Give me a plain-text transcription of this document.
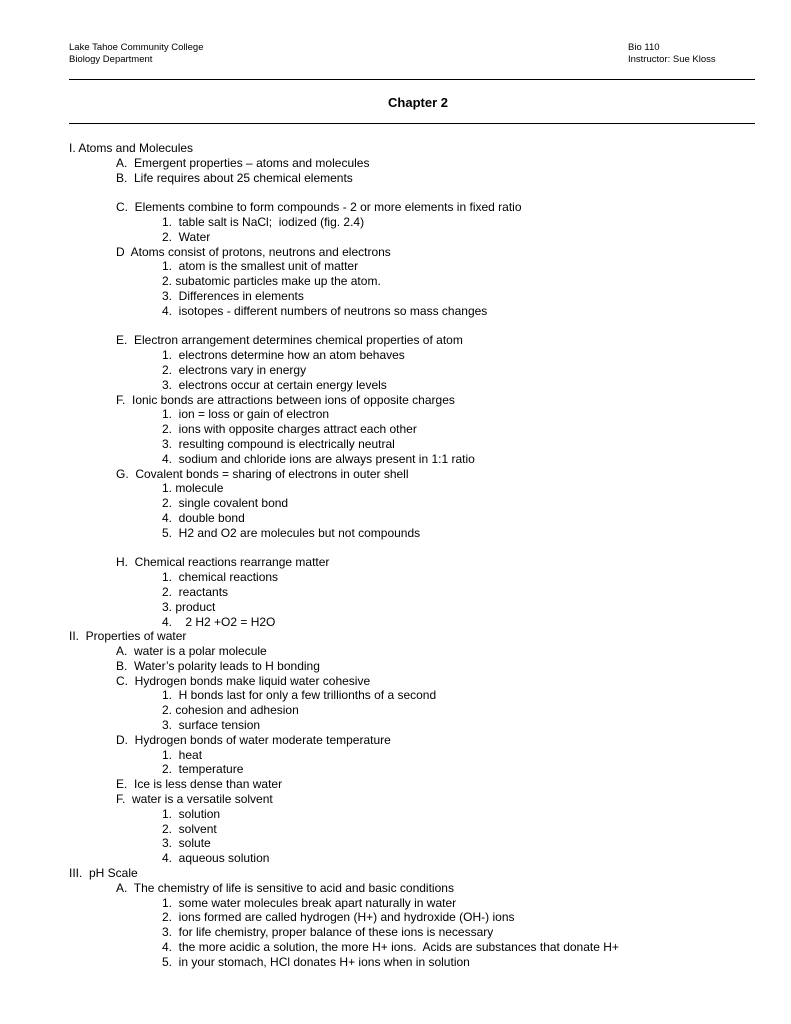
Lake Tahoe Community College
Biology Department
Bio 110
Instructor: Sue Kloss
Chapter 2
I. Atoms and Molecules
A.  Emergent properties – atoms and molecules
B.  Life requires about 25 chemical elements
C.  Elements combine to form compounds - 2 or more elements in fixed ratio
1.  table salt is NaCl;  iodized (fig. 2.4)
2.  Water
D  Atoms consist of protons, neutrons and electrons
1.  atom is the smallest unit of matter
2. subatomic particles make up the atom.
3.  Differences in elements
4.  isotopes - different numbers of neutrons so mass changes
E.  Electron arrangement determines chemical properties of atom
1.  electrons determine how an atom behaves
2.  electrons vary in energy
3.  electrons occur at certain energy levels
F.  Ionic bonds are attractions between ions of opposite charges
1.  ion = loss or gain of electron
2.  ions with opposite charges attract each other
3.  resulting compound is electrically neutral
4.  sodium and chloride ions are always present in 1:1 ratio
G.  Covalent bonds = sharing of electrons in outer shell
1. molecule
2.  single covalent bond
4.  double bond
5.  H2 and O2 are molecules but not compounds
H.  Chemical reactions rearrange matter
1.  chemical reactions
2.  reactants
3. product
4.    2 H2 +O2 = H2O
II.  Properties of water
A.  water is a polar molecule
B.  Water’s polarity leads to H bonding
C.  Hydrogen bonds make liquid water cohesive
1.  H bonds last for only a few trillionths of a second
2. cohesion and adhesion
3.  surface tension
D.  Hydrogen bonds of water moderate temperature
1.  heat
2.  temperature
E.  Ice is less dense than water
F.  water is a versatile solvent
1.  solution
2.  solvent
3.  solute
4.  aqueous solution
III.  pH Scale
A.  The chemistry of life is sensitive to acid and basic conditions
1.  some water molecules break apart naturally in water
2.  ions formed are called hydrogen (H+) and hydroxide (OH-) ions
3.  for life chemistry, proper balance of these ions is necessary
4.  the more acidic a solution, the more H+ ions.  Acids are substances that donate H+
5.  in your stomach, HCl donates H+ ions when in solution
